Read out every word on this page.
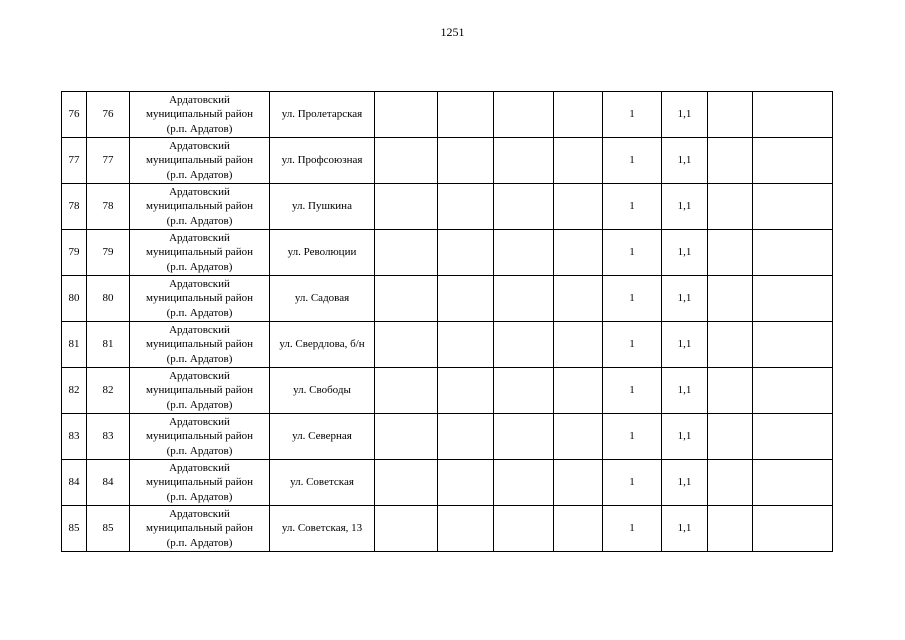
1251
76	76	Ардатовский
муниципальный район
(р.п. Ардатов)	ул. Пролетарская					1	1,1		
77	77	Ардатовский
муниципальный район
(р.п. Ардатов)	ул. Профсоюзная					1	1,1		
78	78	Ардатовский
муниципальный район
(р.п. Ардатов)	ул. Пушкина					1	1,1		
79	79	Ардатовский
муниципальный район
(р.п. Ардатов)	ул. Революции					1	1,1		
80	80	Ардатовский
муниципальный район
(р.п. Ардатов)	ул. Садовая					1	1,1		
81	81	Ардатовский
муниципальный район
(р.п. Ардатов)	ул. Свердлова, б/н					1	1,1		
82	82	Ардатовский
муниципальный район
(р.п. Ардатов)	ул. Свободы					1	1,1		
83	83	Ардатовский
муниципальный район
(р.п. Ардатов)	ул. Северная					1	1,1		
84	84	Ардатовский
муниципальный район
(р.п. Ардатов)	ул. Советская					1	1,1		
85	85	Ардатовский
муниципальный район
(р.п. Ардатов)	ул. Советская, 13					1	1,1		
